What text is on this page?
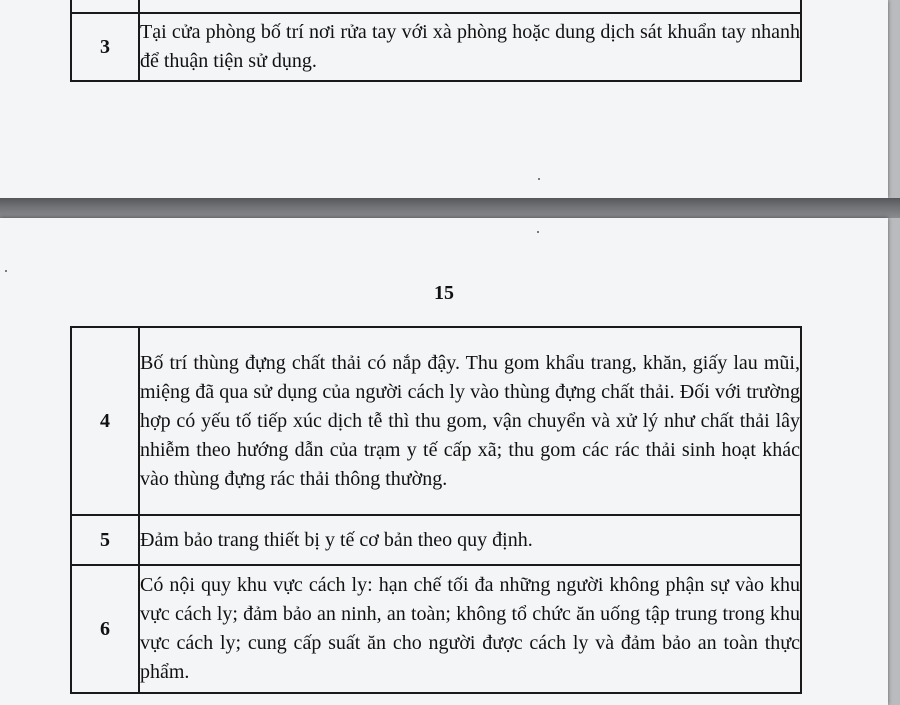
3	Tại cửa phòng bố trí nơi rửa tay với xà phòng hoặc dung dịch sát khuẩn tay nhanh để thuận tiện sử dụng.
15
4	Bố trí thùng đựng chất thải có nắp đậy. Thu gom khẩu trang, khăn, giấy lau mũi, miệng đã qua sử dụng của người cách ly vào thùng đựng chất thải. Đối với trường hợp có yếu tố tiếp xúc dịch tễ thì thu gom, vận chuyển và xử lý như chất thải lây nhiễm theo hướng dẫn của trạm y tế cấp xã; thu gom các rác thải sinh hoạt khác vào thùng đựng rác thải thông thường.
5	Đảm bảo trang thiết bị y tế cơ bản theo quy định.
6	Có nội quy khu vực cách ly: hạn chế tối đa những người không phận sự vào khu vực cách ly; đảm bảo an ninh, an toàn; không tổ chức ăn uống tập trung trong khu vực cách ly; cung cấp suất ăn cho người được cách ly và đảm bảo an toàn thực phẩm.
